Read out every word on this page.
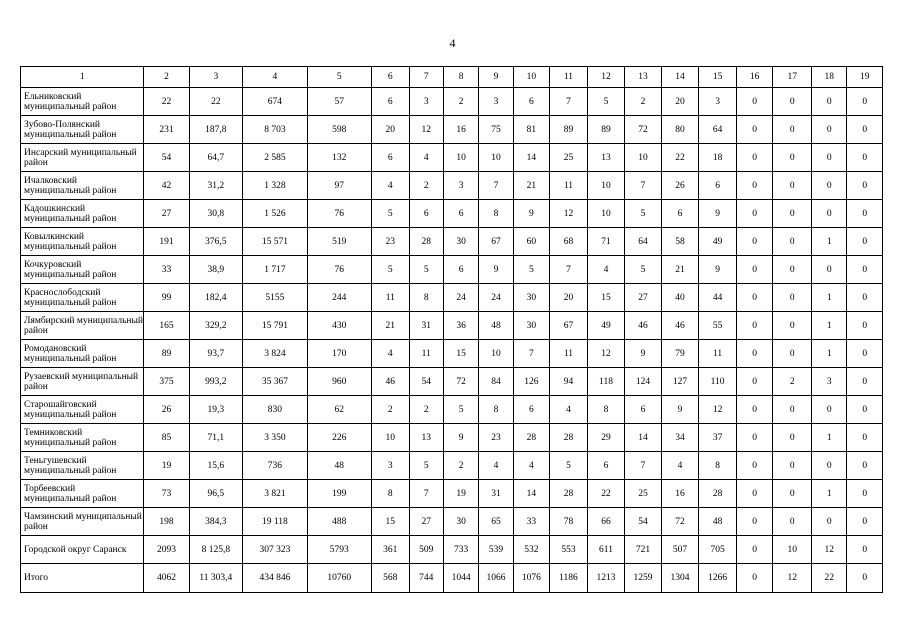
4
1	2	3	4	5	6	7	8	9	10	11	12	13	14	15	16	17	18	19
Ельниковский муниципальный район	22	22	674	57	6	3	2	3	6	7	5	2	20	3	0	0	0	0
Зубово-Полянский муниципальный район	231	187,8	8 703	598	20	12	16	75	81	89	89	72	80	64	0	0	0	0
Инсарский муниципальный район	54	64,7	2 585	132	6	4	10	10	14	25	13	10	22	18	0	0	0	0
Ичалковский муниципальный район	42	31,2	1 328	97	4	2	3	7	21	11	10	7	26	6	0	0	0	0
Кадошкинский муниципальный район	27	30,8	1 526	76	5	6	6	8	9	12	10	5	6	9	0	0	0	0
Ковылкинский муниципальный район	191	376,5	15 571	519	23	28	30	67	60	68	71	64	58	49	0	0	1	0
Кочкуровский муниципальный район	33	38,9	1 717	76	5	5	6	9	5	7	4	5	21	9	0	0	0	0
Краснослободский муниципальный район	99	182,4	5155	244	11	8	24	24	30	20	15	27	40	44	0	0	1	0
Лямбирский муниципальный район	165	329,2	15 791	430	21	31	36	48	30	67	49	46	46	55	0	0	1	0
Ромодановский муниципальный район	89	93,7	3 824	170	4	11	15	10	7	11	12	9	79	11	0	0	1	0
Рузаевский муниципальный район	375	993,2	35 367	960	46	54	72	84	126	94	118	124	127	110	0	2	3	0
Старошайговский муниципальный район	26	19,3	830	62	2	2	5	8	6	4	8	6	9	12	0	0	0	0
Темниковский муниципальный район	85	71,1	3 350	226	10	13	9	23	28	28	29	14	34	37	0	0	1	0
Теньгушевский муниципальный район	19	15,6	736	48	3	5	2	4	4	5	6	7	4	8	0	0	0	0
Торбеевский муниципальный район	73	96,5	3 821	199	8	7	19	31	14	28	22	25	16	28	0	0	1	0
Чамзинский муниципальный район	198	384,3	19 118	488	15	27	30	65	33	78	66	54	72	48	0	0	0	0
Городской округ Саранск	2093	8 125,8	307 323	5793	361	509	733	539	532	553	611	721	507	705	0	10	12	0
Итого	4062	11 303,4	434 846	10760	568	744	1044	1066	1076	1186	1213	1259	1304	1266	0	12	22	0
